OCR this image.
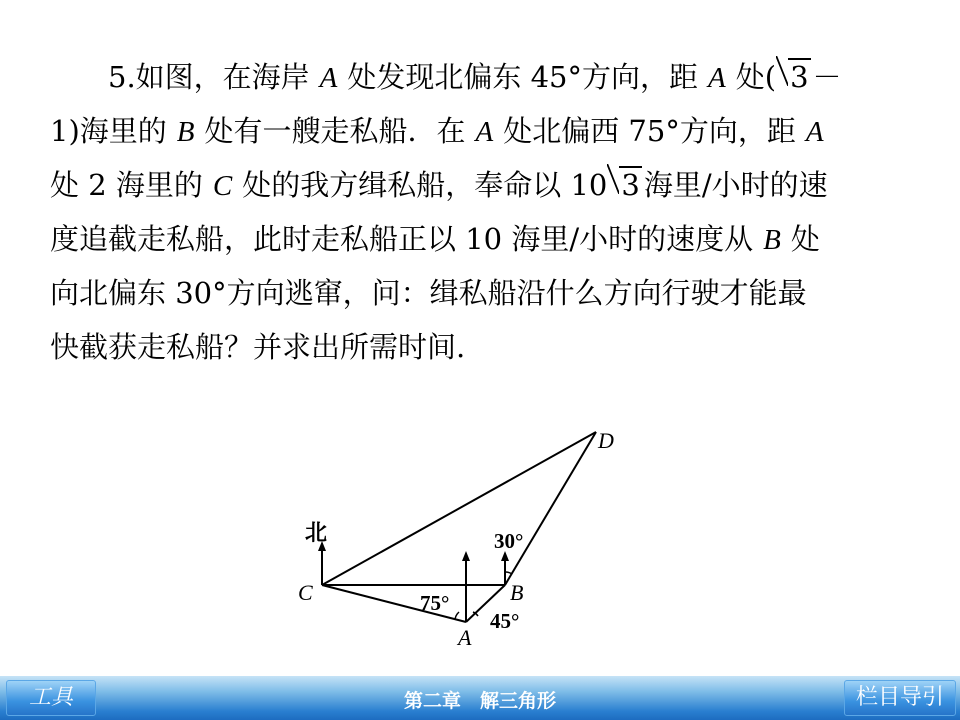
5.如图，在海岸 A 处发现北偏东 45°方向，距 A 处( 3 －
1)海里的 B 处有一艘走私船．在 A 处北偏西 75°方向，距 A
处 2 海里的 C 处的我方缉私船，奉命以 10 3 海里/小时的速
度追截走私船，此时走私船正以 10 海里/小时的速度从 B 处
向北偏东 30°方向逃窜，问：缉私船沿什么方向行驶才能最
快截获走私船？并求出所需时间.
北
C
A
B
D
75°
45°
30°
工具	第二章　解三角形	栏目导引
